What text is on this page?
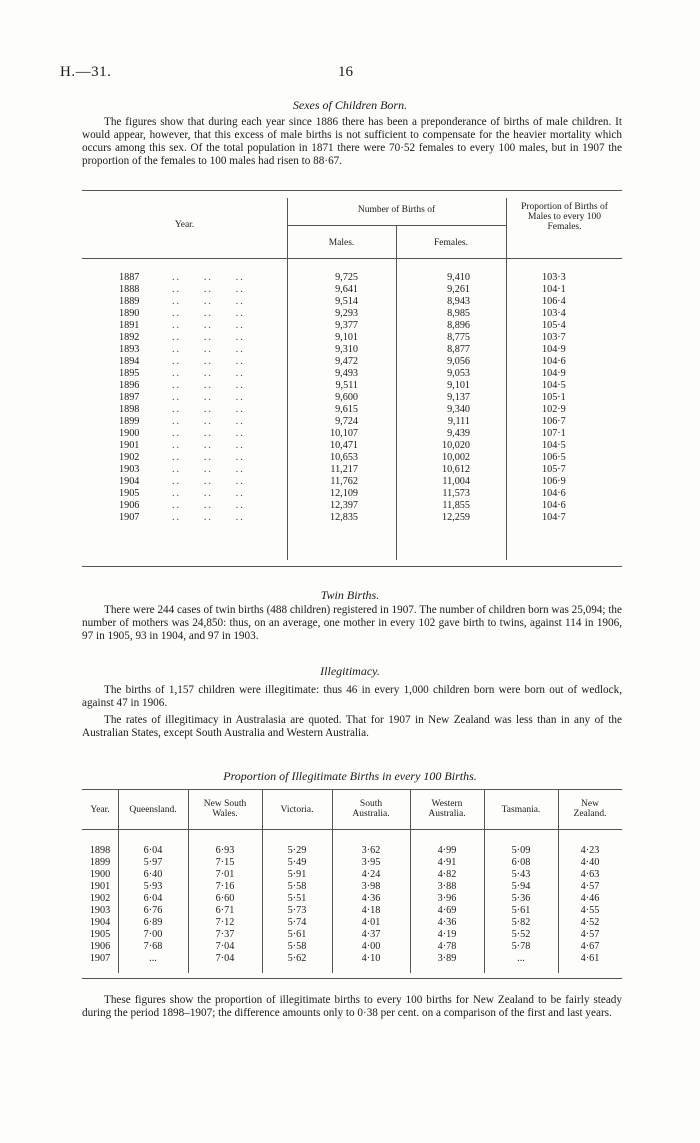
H.—31.	16
Sexes of Children Born.
The figures show that during each year since 1886 there has been a preponderance of births of male children. It would appear, however, that this excess of male births is not sufficient to compensate for the heavier mortality which occurs among this sex. Of the total population in 1871 there were 70·52 females to every 100 males, but in 1907 the proportion of the females to 100 males had risen to 88·67.
Year.
Number of Births of
Males.	Females.
Proportion of Births of Males to every 100 Females.
1887	..     ..     ..	9,725	9,410	103·3
1888	..     ..     ..	9,641	9,261	104·1
1889	..     ..     ..	9,514	8,943	106·4
1890	..     ..     ..	9,293	8,985	103·4
1891	..     ..     ..	9,377	8,896	105·4
1892	..     ..     ..	9,101	8,775	103·7
1893	..     ..     ..	9,310	8,877	104·9
1894	..     ..     ..	9,472	9,056	104·6
1895	..     ..     ..	9,493	9,053	104·9
1896	..     ..     ..	9,511	9,101	104·5
1897	..     ..     ..	9,600	9,137	105·1
1898	..     ..     ..	9,615	9,340	102·9
1899	..     ..     ..	9,724	9,111	106·7
1900	..     ..     ..	10,107	9,439	107·1
1901	..     ..     ..	10,471	10,020	104·5
1902	..     ..     ..	10,653	10,002	106·5
1903	..     ..     ..	11,217	10,612	105·7
1904	..     ..     ..	11,762	11,004	106·9
1905	..     ..     ..	12,109	11,573	104·6
1906	..     ..     ..	12,397	11,855	104·6
1907	..     ..     ..	12,835	12,259	104·7
Twin Births.
There were 244 cases of twin births (488 children) registered in 1907. The number of children born was 25,094; the number of mothers was 24,850: thus, on an average, one mother in every 102 gave birth to twins, against 114 in 1906, 97 in 1905, 93 in 1904, and 97 in 1903.
Illegitimacy.
The births of 1,157 children were illegitimate: thus 46 in every 1,000 children born were born out of wedlock, against 47 in 1906.
The rates of illegitimacy in Australasia are quoted. That for 1907 in New Zealand was less than in any of the Australian States, except South Australia and Western Australia.
Proportion of Illegitimate Births in every 100 Births.
Year.	Queensland.
New South Wales.	Victoria.
South Australia.
Western Australia.	Tasmania.
New Zealand.
1898	6·04	6·93	5·29	3·62	4·99	5·09	4·23
1899	5·97	7·15	5·49	3·95	4·91	6·08	4·40
1900	6·40	7·01	5·91	4·24	4·82	5·43	4·63
1901	5·93	7·16	5·58	3·98	3·88	5·94	4·57
1902	6·04	6·60	5·51	4·36	3·96	5·36	4·46
1903	6·76	6·71	5·73	4·18	4·69	5·61	4·55
1904	6·89	7·12	5·74	4·01	4·36	5·82	4·52
1905	7·00	7·37	5·61	4·37	4·19	5·52	4·57
1906	7·68	7·04	5·58	4·00	4·78	5·78	4·67
1907	...	7·04	5·62	4·10	3·89	...	4·61
These figures show the proportion of illegitimate births to every 100 births for New Zealand to be fairly steady during the period 1898–1907; the difference amounts only to 0·38 per cent. on a comparison of the first and last years.
